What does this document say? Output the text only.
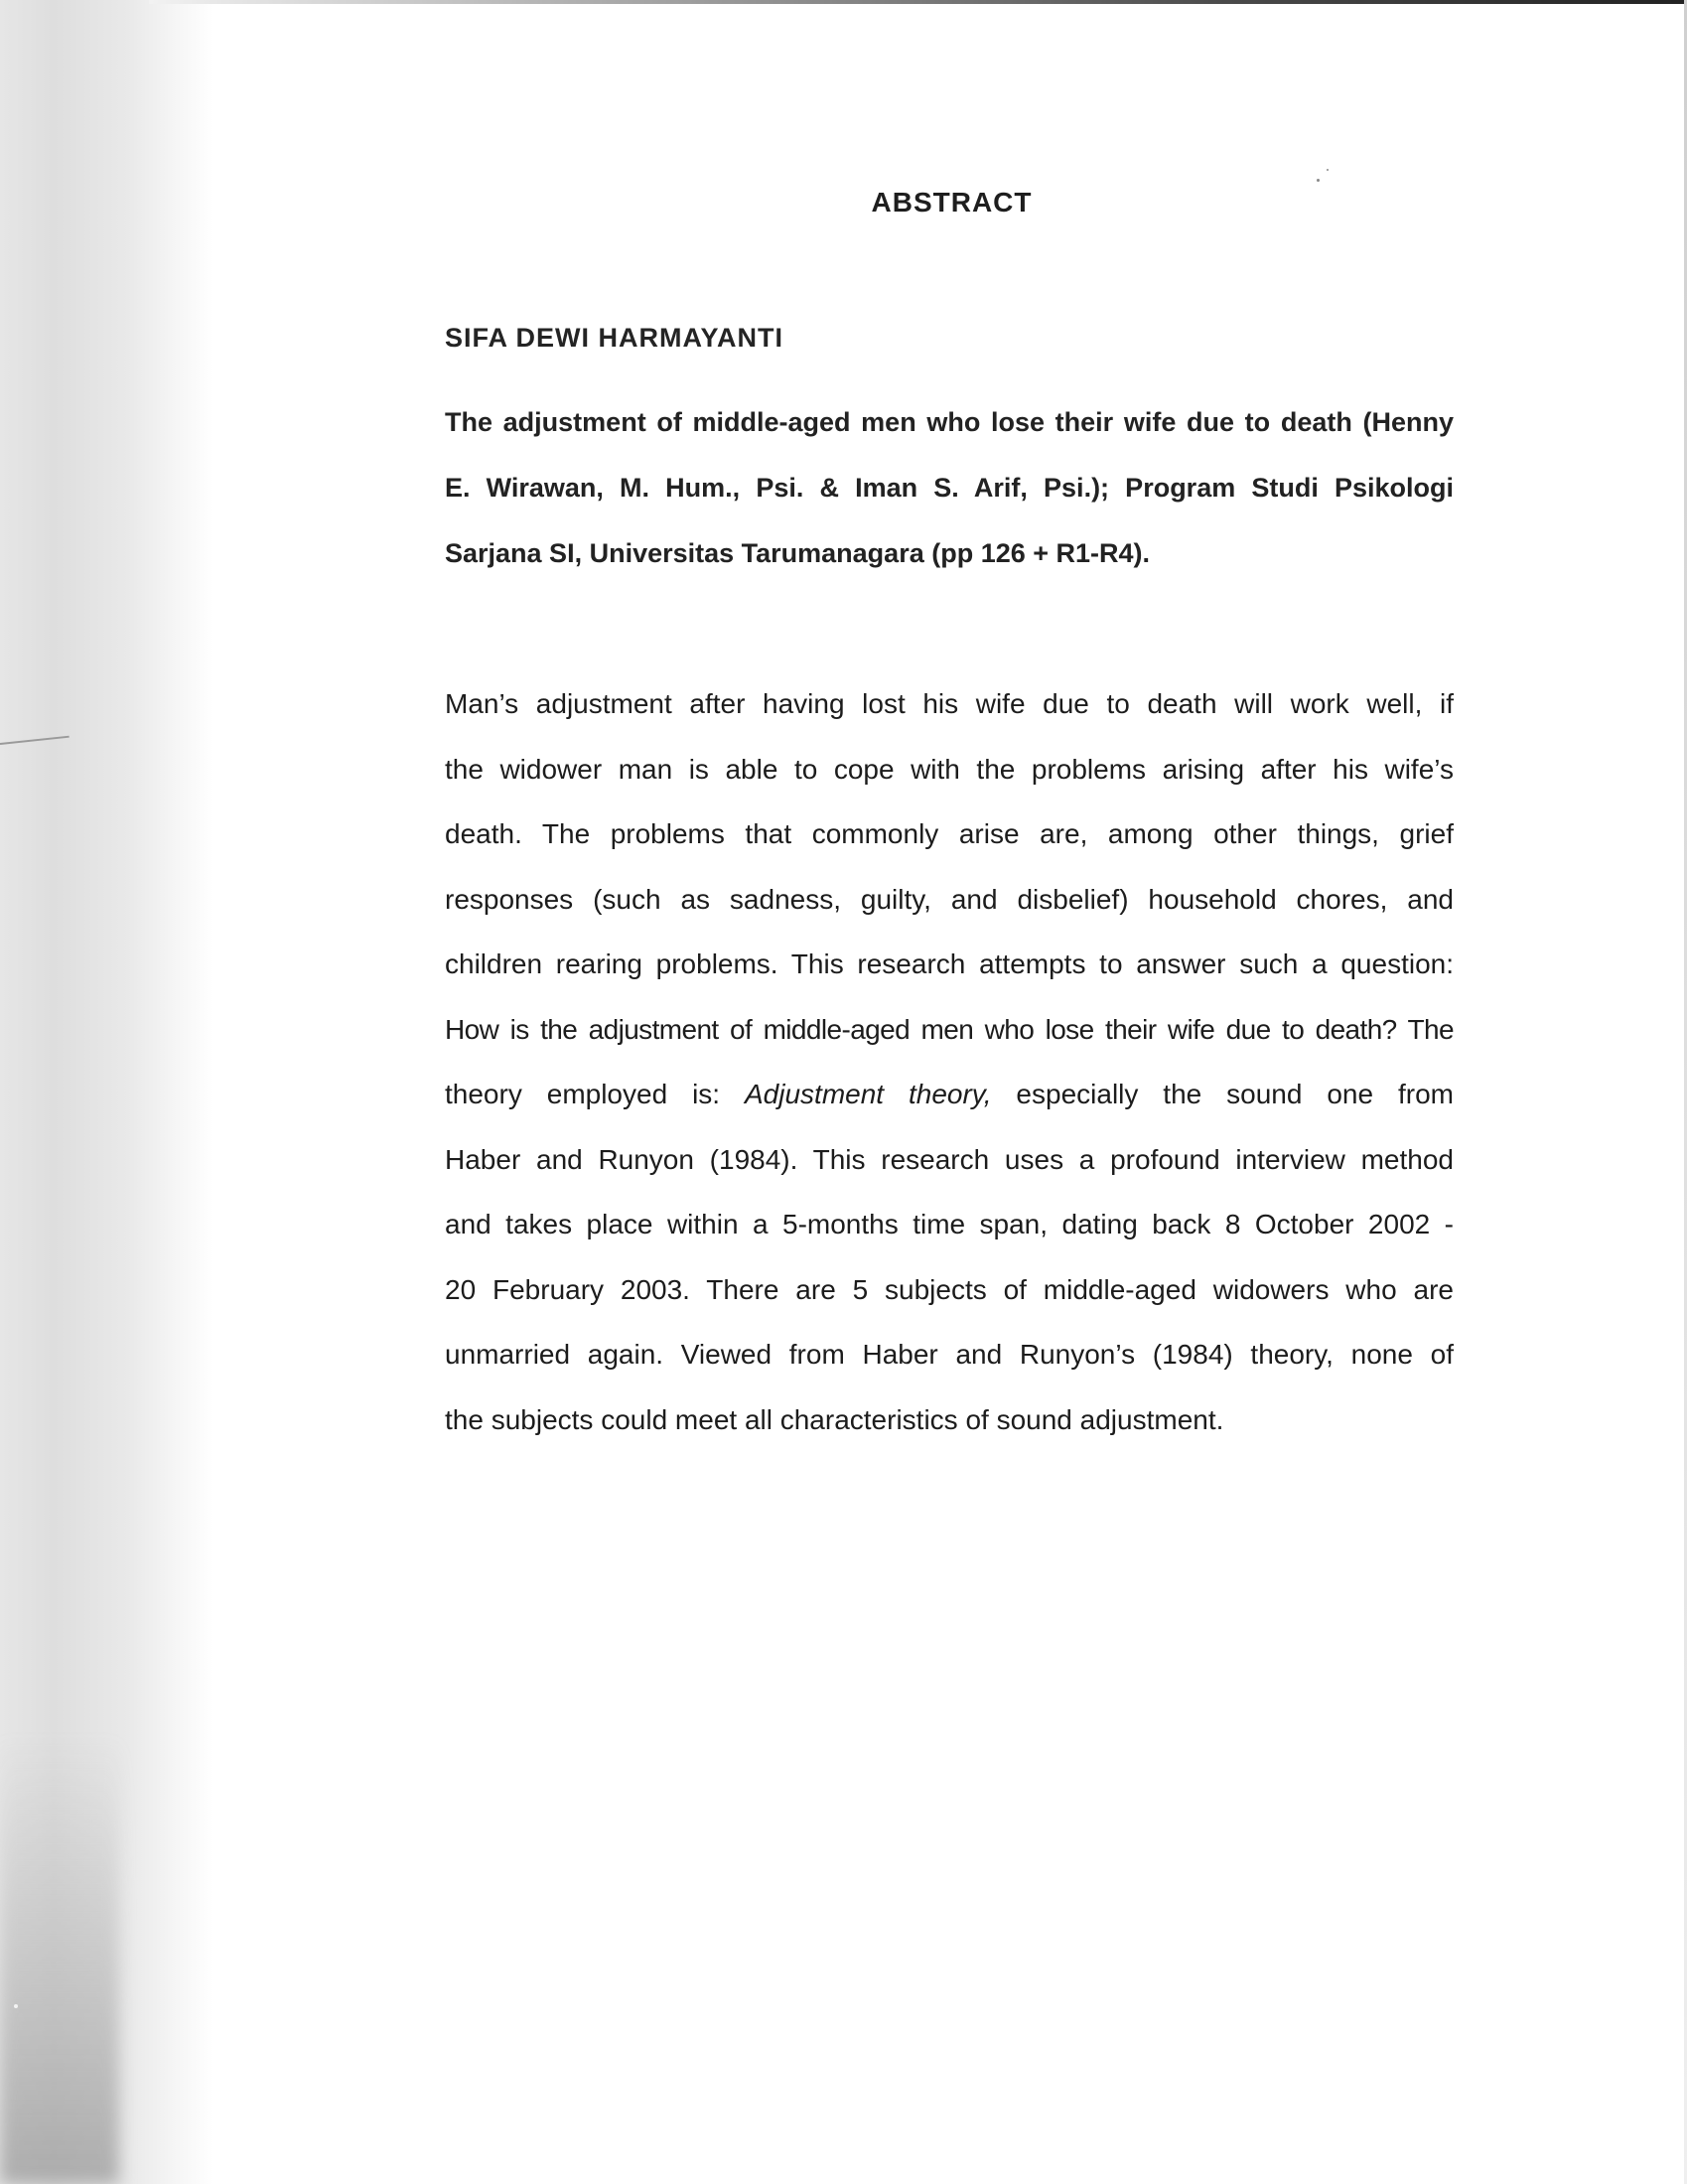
ABSTRACT
SIFA DEWI HARMAYANTI
The adjustment of middle-aged men who lose their wife due to death (Henny
E. Wirawan, M. Hum., Psi. & Iman S. Arif, Psi.); Program Studi Psikologi
Sarjana SI, Universitas Tarumanagara (pp 126 + R1-R4).
Man’s adjustment after having lost his wife due to death will work well, if
the widower man is able to cope with the problems arising after his wife’s
death. The problems that commonly arise are, among other things, grief
responses (such as sadness, guilty, and disbelief) household chores, and
children rearing problems. This research attempts to answer such a question:
How is the adjustment of middle-aged men who lose their wife due to death? The
theory employed is: Adjustment theory, especially the sound one from
Haber and Runyon (1984). This research uses a profound interview method
and takes place within a 5-months time span, dating back 8 October 2002 -
20 February 2003. There are 5 subjects of middle-aged widowers who are
unmarried again. Viewed from Haber and Runyon’s (1984) theory, none of
the subjects could meet all characteristics of sound adjustment.
